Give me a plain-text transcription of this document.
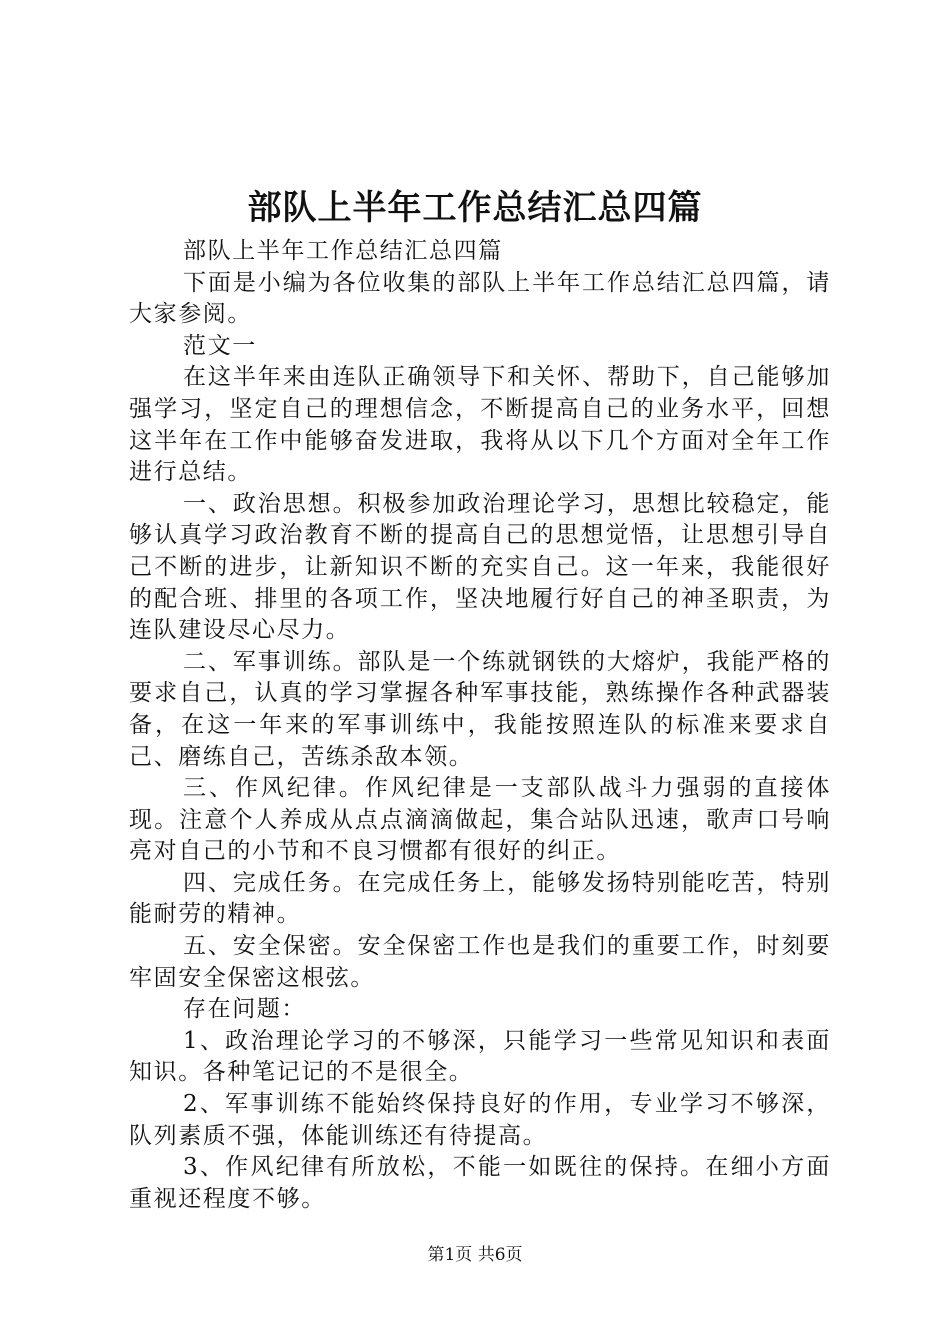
部队上半年工作总结汇总四篇

部队上半年工作总结汇总四篇

下面是小编为各位收集的部队上半年工作总结汇总四篇，请大家参阅。

范文一

在这半年来由连队正确领导下和关怀、帮助下，自己能够加强学习，坚定自己的理想信念，不断提高自己的业务水平，回想这半年在工作中能够奋发进取，我将从以下几个方面对全年工作进行总结。

一、政治思想。积极参加政治理论学习，思想比较稳定，能够认真学习政治教育不断的提高自己的思想觉悟，让思想引导自己不断的进步，让新知识不断的充实自己。这一年来，我能很好的配合班、排里的各项工作，坚决地履行好自己的神圣职责，为连队建设尽心尽力。

二、军事训练。部队是一个练就钢铁的大熔炉，我能严格的要求自己，认真的学习掌握各种军事技能，熟练操作各种武器装备，在这一年来的军事训练中，我能按照连队的标准来要求自己、磨练自己，苦练杀敌本领。

三、作风纪律。作风纪律是一支部队战斗力强弱的直接体现。注意个人养成从点点滴滴做起，集合站队迅速，歌声口号响亮对自己的小节和不良习惯都有很好的纠正。

四、完成任务。在完成任务上，能够发扬特别能吃苦，特别能耐劳的精神。

五、安全保密。安全保密工作也是我们的重要工作，时刻要牢固安全保密这根弦。

存在问题：

1、政治理论学习的不够深，只能学习一些常见知识和表面知识。各种笔记记的不是很全。

2、军事训练不能始终保持良好的作用，专业学习不够深，队列素质不强，体能训练还有待提高。

3、作风纪律有所放松，不能一如既往的保持。在细小方面重视还程度不够。

第1页 共6页
